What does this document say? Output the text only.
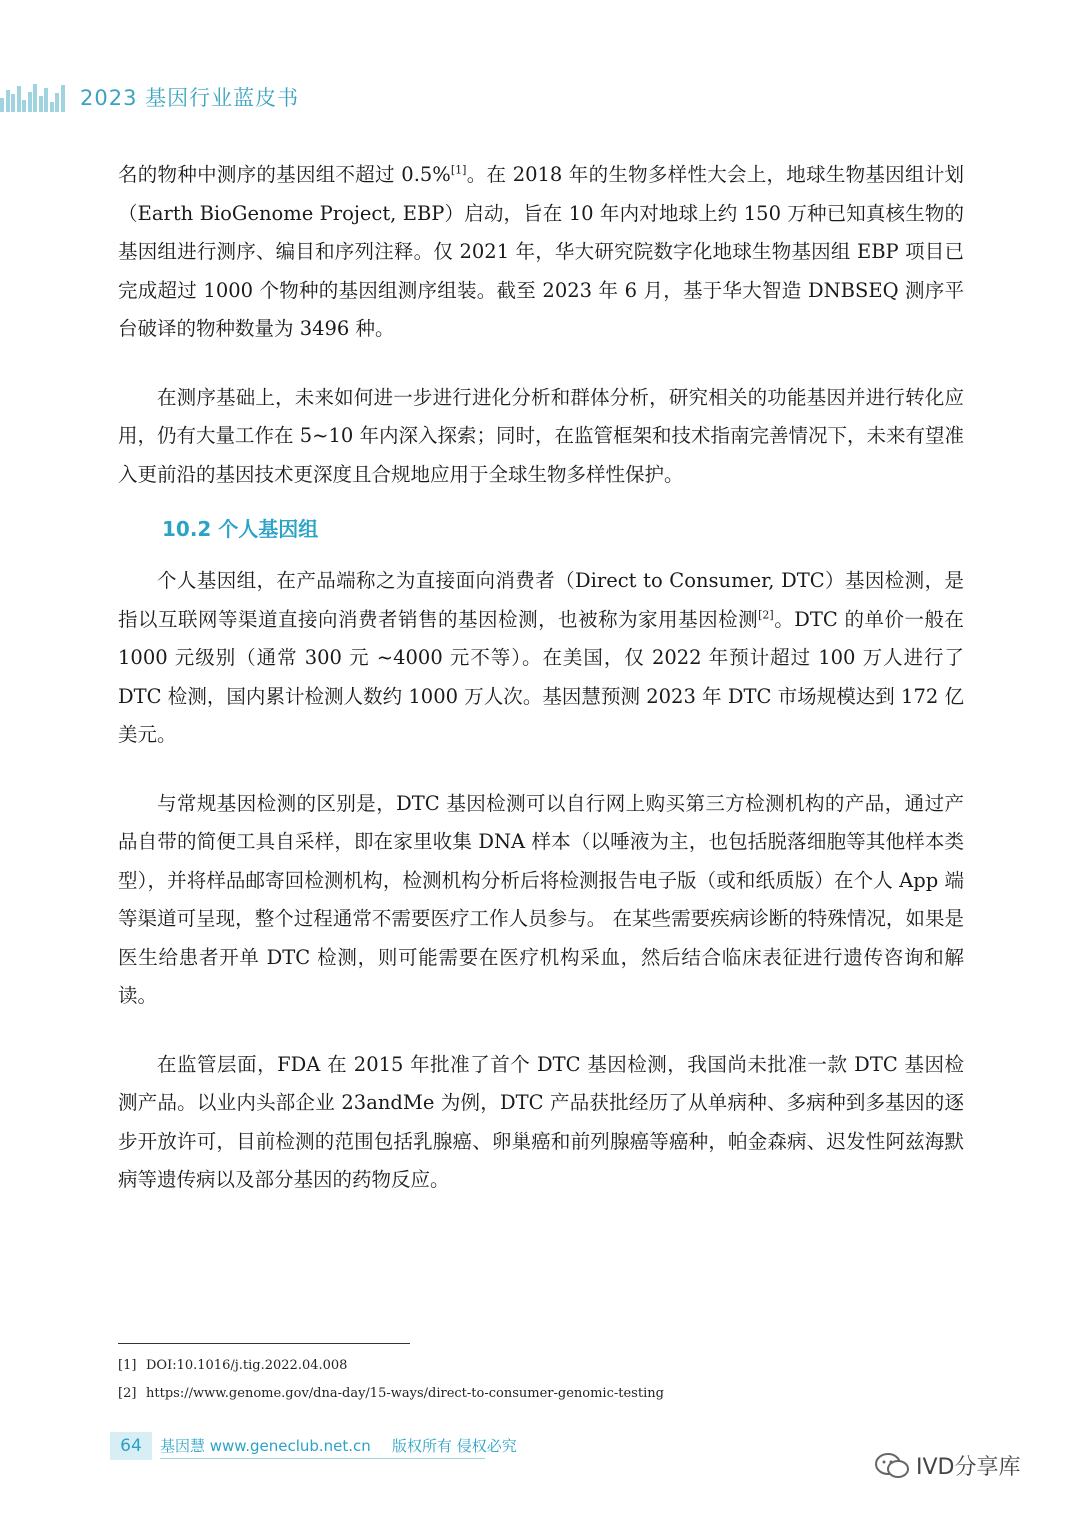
2023 基因行业蓝皮书

名的物种中测序的基因组不超过 0.5%[1]。在 2018 年的生物多样性大会上，地球生物基因组计划（Earth BioGenome Project, EBP）启动，旨在 10 年内对地球上约 150 万种已知真核生物的基因组进行测序、编目和序列注释。仅 2021 年，华大研究院数字化地球生物基因组 EBP 项目已完成超过 1000 个物种的基因组测序组装。截至 2023 年 6 月，基于华大智造 DNBSEQ 测序平台破译的物种数量为 3496 种。

在测序基础上，未来如何进一步进行进化分析和群体分析，研究相关的功能基因并进行转化应用，仍有大量工作在 5~10 年内深入探索；同时，在监管框架和技术指南完善情况下，未来有望准入更前沿的基因技术更深度且合规地应用于全球生物多样性保护。

10.2 个人基因组

个人基因组，在产品端称之为直接面向消费者（Direct to Consumer, DTC）基因检测，是指以互联网等渠道直接向消费者销售的基因检测，也被称为家用基因检测[2]。DTC 的单价一般在 1000 元级别（通常 300 元 ~4000 元不等）。在美国，仅 2022 年预计超过 100 万人进行了 DTC 检测，国内累计检测人数约 1000 万人次。基因慧预测 2023 年 DTC 市场规模达到 172 亿美元。

与常规基因检测的区别是，DTC 基因检测可以自行网上购买第三方检测机构的产品，通过产品自带的简便工具自采样，即在家里收集 DNA 样本（以唾液为主，也包括脱落细胞等其他样本类型），并将样品邮寄回检测机构，检测机构分析后将检测报告电子版（或和纸质版）在个人 App 端等渠道可呈现，整个过程通常不需要医疗工作人员参与。 在某些需要疾病诊断的特殊情况，如果是医生给患者开单 DTC 检测，则可能需要在医疗机构采血，然后结合临床表征进行遗传咨询和解读。

在监管层面，FDA 在 2015 年批准了首个 DTC 基因检测，我国尚未批准一款 DTC 基因检测产品。以业内头部企业 23andMe 为例，DTC 产品获批经历了从单病种、多病种到多基因的逐步开放许可，目前检测的范围包括乳腺癌、卵巢癌和前列腺癌等癌种，帕金森病、迟发性阿兹海默病等遗传病以及部分基因的药物反应。

[1] DOI:10.1016/j.tig.2022.04.008
[2] https://www.genome.gov/dna-day/15-ways/direct-to-consumer-genomic-testing
64	基因慧 www.geneclub.net.cn 版权所有 侵权必究
IVD分享库
